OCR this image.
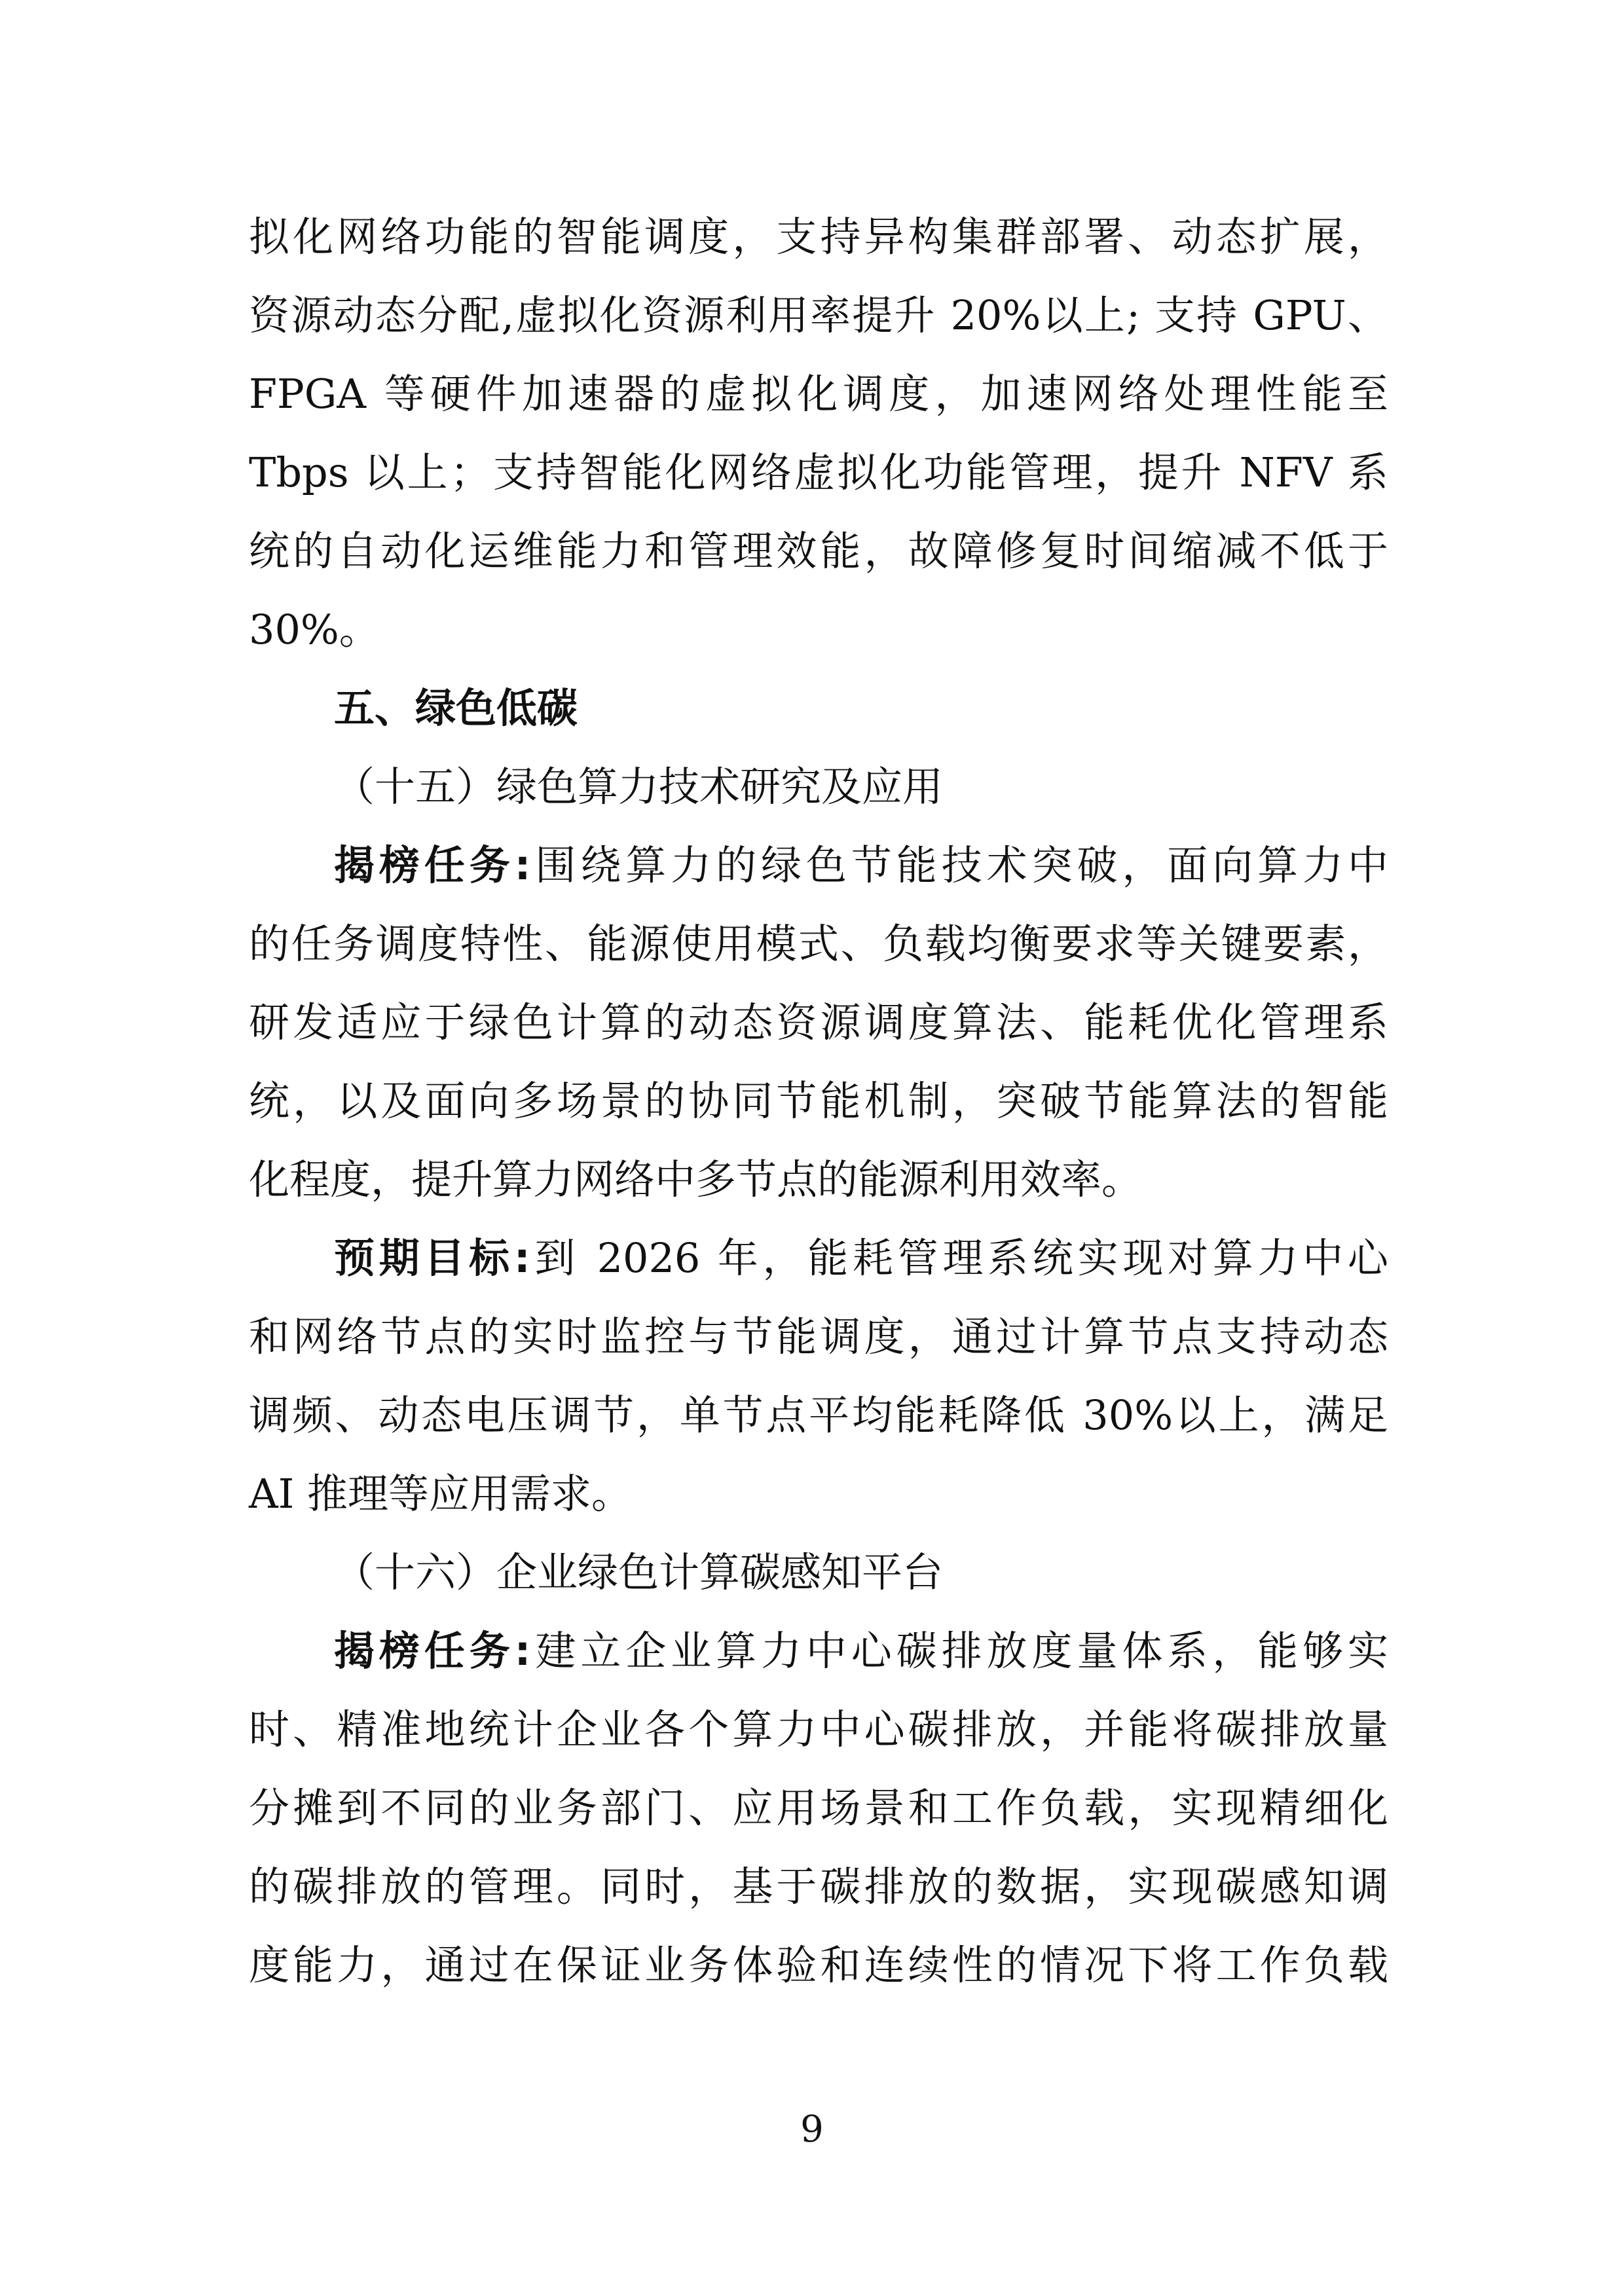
拟化网络功能的智能调度，支持异构集群部署、动态扩展，
资源动态分配,虚拟化资源利用率提升 20%以上; 支持 GPU、
FPGA 等硬件加速器的虚拟化调度，加速网络处理性能至
Tbps 以上；支持智能化网络虚拟化功能管理，提升 NFV 系
统的自动化运维能力和管理效能，故障修复时间缩减不低于
30%。
五、绿色低碳
（十五）绿色算力技术研究及应用
揭榜任务:围绕算力的绿色节能技术突破，面向算力中
的任务调度特性、能源使用模式、负载均衡要求等关键要素，
研发适应于绿色计算的动态资源调度算法、能耗优化管理系
统，以及面向多场景的协同节能机制，突破节能算法的智能
化程度，提升算力网络中多节点的能源利用效率。
预期目标:到 2026 年，能耗管理系统实现对算力中心
和网络节点的实时监控与节能调度，通过计算节点支持动态
调频、动态电压调节，单节点平均能耗降低 30%以上，满足
AI 推理等应用需求。
（十六）企业绿色计算碳感知平台
揭榜任务:建立企业算力中心碳排放度量体系，能够实
时、精准地统计企业各个算力中心碳排放，并能将碳排放量
分摊到不同的业务部门、应用场景和工作负载，实现精细化
的碳排放的管理。同时，基于碳排放的数据，实现碳感知调
度能力，通过在保证业务体验和连续性的情况下将工作负载
9
